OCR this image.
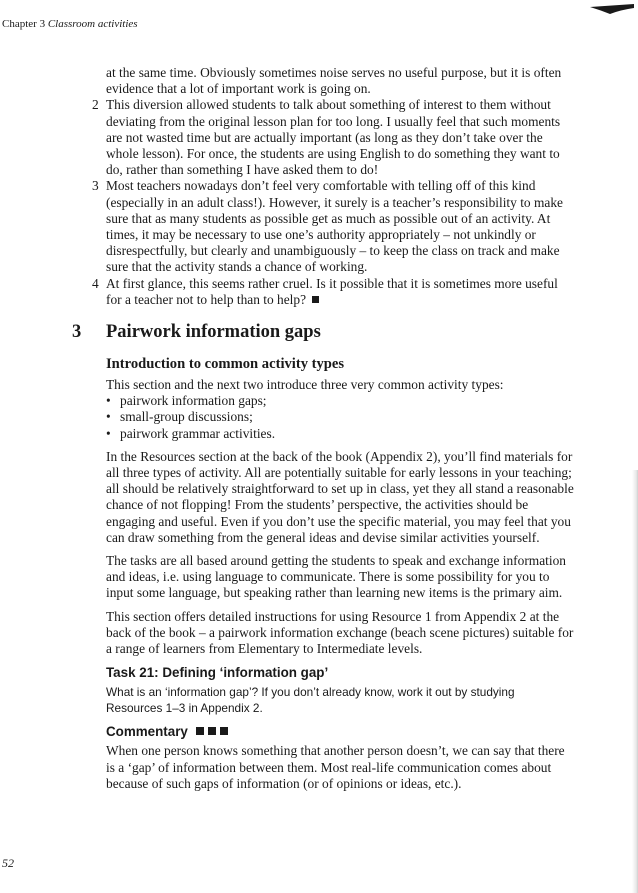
Chapter 3 Classroom activities

at the same time. Obviously sometimes noise serves no useful purpose, but it is often evidence that a lot of important work is going on.

2 This diversion allowed students to talk about something of interest to them without deviating from the original lesson plan for too long. I usually feel that such moments are not wasted time but are actually important (as long as they don’t take over the whole lesson). For once, the students are using English to do something they want to do, rather than something I have asked them to do!
3 Most teachers nowadays don’t feel very comfortable with telling off of this kind (especially in an adult class!). However, it surely is a teacher’s responsibility to make sure that as many students as possible get as much as possible out of an activity. At times, it may be necessary to use one’s authority appropriately – not unkindly or disrespectfully, but clearly and unambiguously – to keep the class on track and make sure that the activity stands a chance of working.
4 At first glance, this seems rather cruel. Is it possible that it is sometimes more useful for a teacher not to help than to help?
3 Pairwork information gaps
Introduction to common activity types

This section and the next two introduce three very common activity types:

• pairwork information gaps;
• small-group discussions;
• pairwork grammar activities.

In the Resources section at the back of the book (Appendix 2), you’ll find materials for all three types of activity. All are potentially suitable for early lessons in your teaching; all should be relatively straightforward to set up in class, yet they all stand a reasonable chance of not flopping! From the students’ perspective, the activities should be engaging and useful. Even if you don’t use the specific material, you may feel that you can draw something from the general ideas and devise similar activities yourself.

The tasks are all based around getting the students to speak and exchange information and ideas, i.e. using language to communicate. There is some possibility for you to input some language, but speaking rather than learning new items is the primary aim.

This section offers detailed instructions for using Resource 1 from Appendix 2 at the back of the book – a pairwork information exchange (beach scene pictures) suitable for a range of learners from Elementary to Intermediate levels.

Task 21: Defining ‘information gap’

What is an ‘information gap’? If you don’t already know, work it out by studying Resources 1–3 in Appendix 2.

Commentary

When one person knows something that another person doesn’t, we can say that there is a ‘gap’ of information between them. Most real-life communication comes about because of such gaps of information (or of opinions or ideas, etc.).

52
